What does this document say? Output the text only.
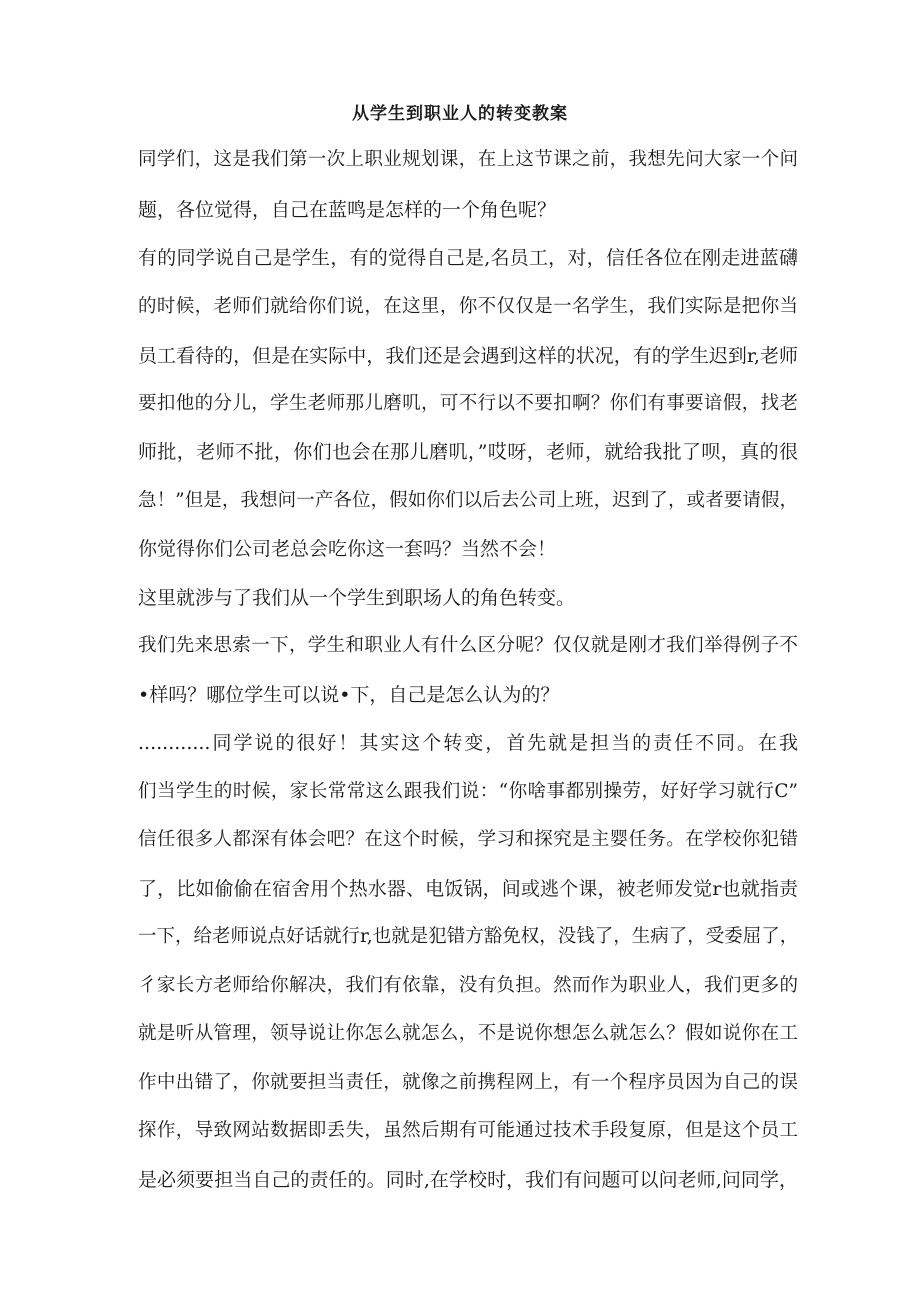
从学生到职业人的转变教案

同学们，这是我们第一次上职业规划课，在上这节课之前，我想先问大家一个问

题，各位觉得，自己在蓝鸣是怎样的一个角色呢？

有的同学说自己是学生，有的觉得自己是,名员工，对，信任各位在刚走进蓝礴

的时候，老师们就给你们说，在这里，你不仅仅是一名学生，我们实际是把你当

员工看待的，但是在实际中，我们还是会遇到这样的状况，有的学生迟到r,老师

要扣他的分儿，学生老师那儿磨叽，可不行以不要扣啊？你们有事要谙假，找老

师批，老师不批，你们也会在那儿磨叽，”哎呀，老师，就给我批了呗，真的很

急！”但是，我想问一产各位，假如你们以后去公司上班，迟到了，或者要请假，

你觉得你们公司老总会吃你这一套吗？当然不会！

这里就涉与了我们从一个学生到职场人的角色转变。

我们先来思索一下，学生和职业人有什么区分呢？仅仅就是刚才我们举得例子不

•样吗？哪位学生可以说•下，自己是怎么认为的？

............同学说的很好！其实这个转变，首先就是担当的责任不同。在我

们当学生的时候，家长常常这么跟我们说：“你啥事都别操劳，好好学习就行C”

信任很多人都深有体会吧？在这个时候，学习和探究是主婴任务。在学校你犯错

了，比如偷偷在宿舍用个热水器、电饭锅，间或逃个课，被老师发觉r也就指责

一下，给老师说点好话就行r,也就是犯错方豁免权，没钱了，生病了，受委屈了，

彳家长方老师给你解决，我们有依靠，没有负担。然而作为职业人，我们更多的

就是听从管理，领导说让你怎么就怎么，不是说你想怎么就怎么？假如说你在工

作中出错了，你就要担当责任，就像之前携程网上，有一个程序员因为自己的误

探作，导致网站数据即丢失，虽然后期有可能通过技术手段复原，但是这个员工

是必须要担当自己的责任的。同时,在学校时，我们有问题可以问老师,问同学，
